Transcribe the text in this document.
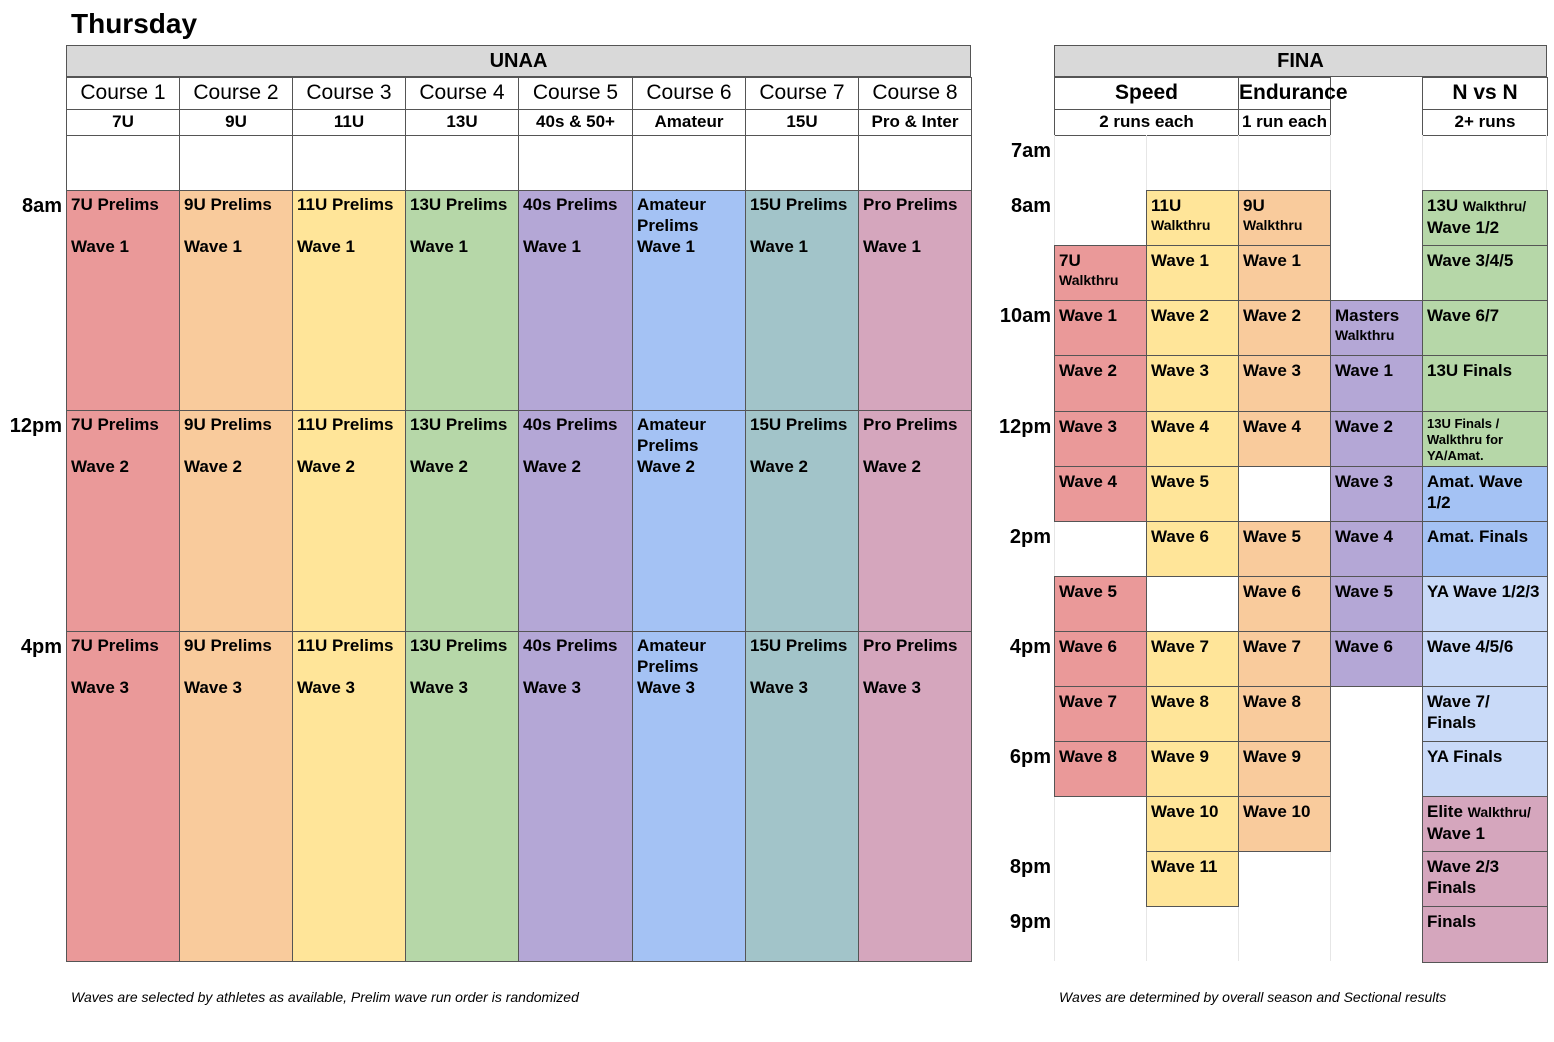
Thursday
UNAA
Course 1
7U
7U Prelims
Wave 1
7U Prelims
Wave 2
7U Prelims
Wave 3
Course 2
9U
9U Prelims
Wave 1
9U Prelims
Wave 2
9U Prelims
Wave 3
Course 3
11U
11U Prelims
Wave 1
11U Prelims
Wave 2
11U Prelims
Wave 3
Course 4
13U
13U Prelims
Wave 1
13U Prelims
Wave 2
13U Prelims
Wave 3
Course 5
40s & 50+
40s Prelims
Wave 1
40s Prelims
Wave 2
40s Prelims
Wave 3
Course 6
Amateur
Amateur
Prelims
Wave 1
Amateur
Prelims
Wave 2
Amateur
Prelims
Wave 3
Course 7
15U
15U Prelims
Wave 1
15U Prelims
Wave 2
15U Prelims
Wave 3
Course 8
Pro & Inter
Pro Prelims
Wave 1
Pro Prelims
Wave 2
Pro Prelims
Wave 3
8am
12pm
4pm
FINA
Speed
2 runs each
Endurance
1 run each
N vs N
2+ runs
7am
8am
10am
12pm
2pm
4pm
6pm
8pm
9pm
7U
Walkthru
Wave 1
Wave 2
Wave 3
Wave 4
Wave 5
Wave 6
Wave 7
Wave 8
11U
Walkthru
Wave 1
Wave 2
Wave 3
Wave 4
Wave 5
Wave 6
Wave 7
Wave 8
Wave 9
Wave 10
Wave 11
9U
Walkthru
Wave 1
Wave 2
Wave 3
Wave 4
Wave 5
Wave 6
Wave 7
Wave 8
Wave 9
Wave 10
Masters
Walkthru
Wave 1
Wave 2
Wave 3
Wave 4
Wave 5
Wave 6
13U Walkthru/
Wave 1/2
Wave 3/4/5
Wave 6/7
13U Finals
13U Finals / Walkthru for YA/Amat.
Amat. Wave 1/2
Amat. Finals
YA Wave 1/2/3
Wave 4/5/6
Wave 7/ Finals
YA Finals
Elite Walkthru/
Wave 1
Wave 2/3 Finals
Finals
Waves are selected by athletes as available, Prelim wave run order is randomized	Waves are determined by overall season and Sectional results
